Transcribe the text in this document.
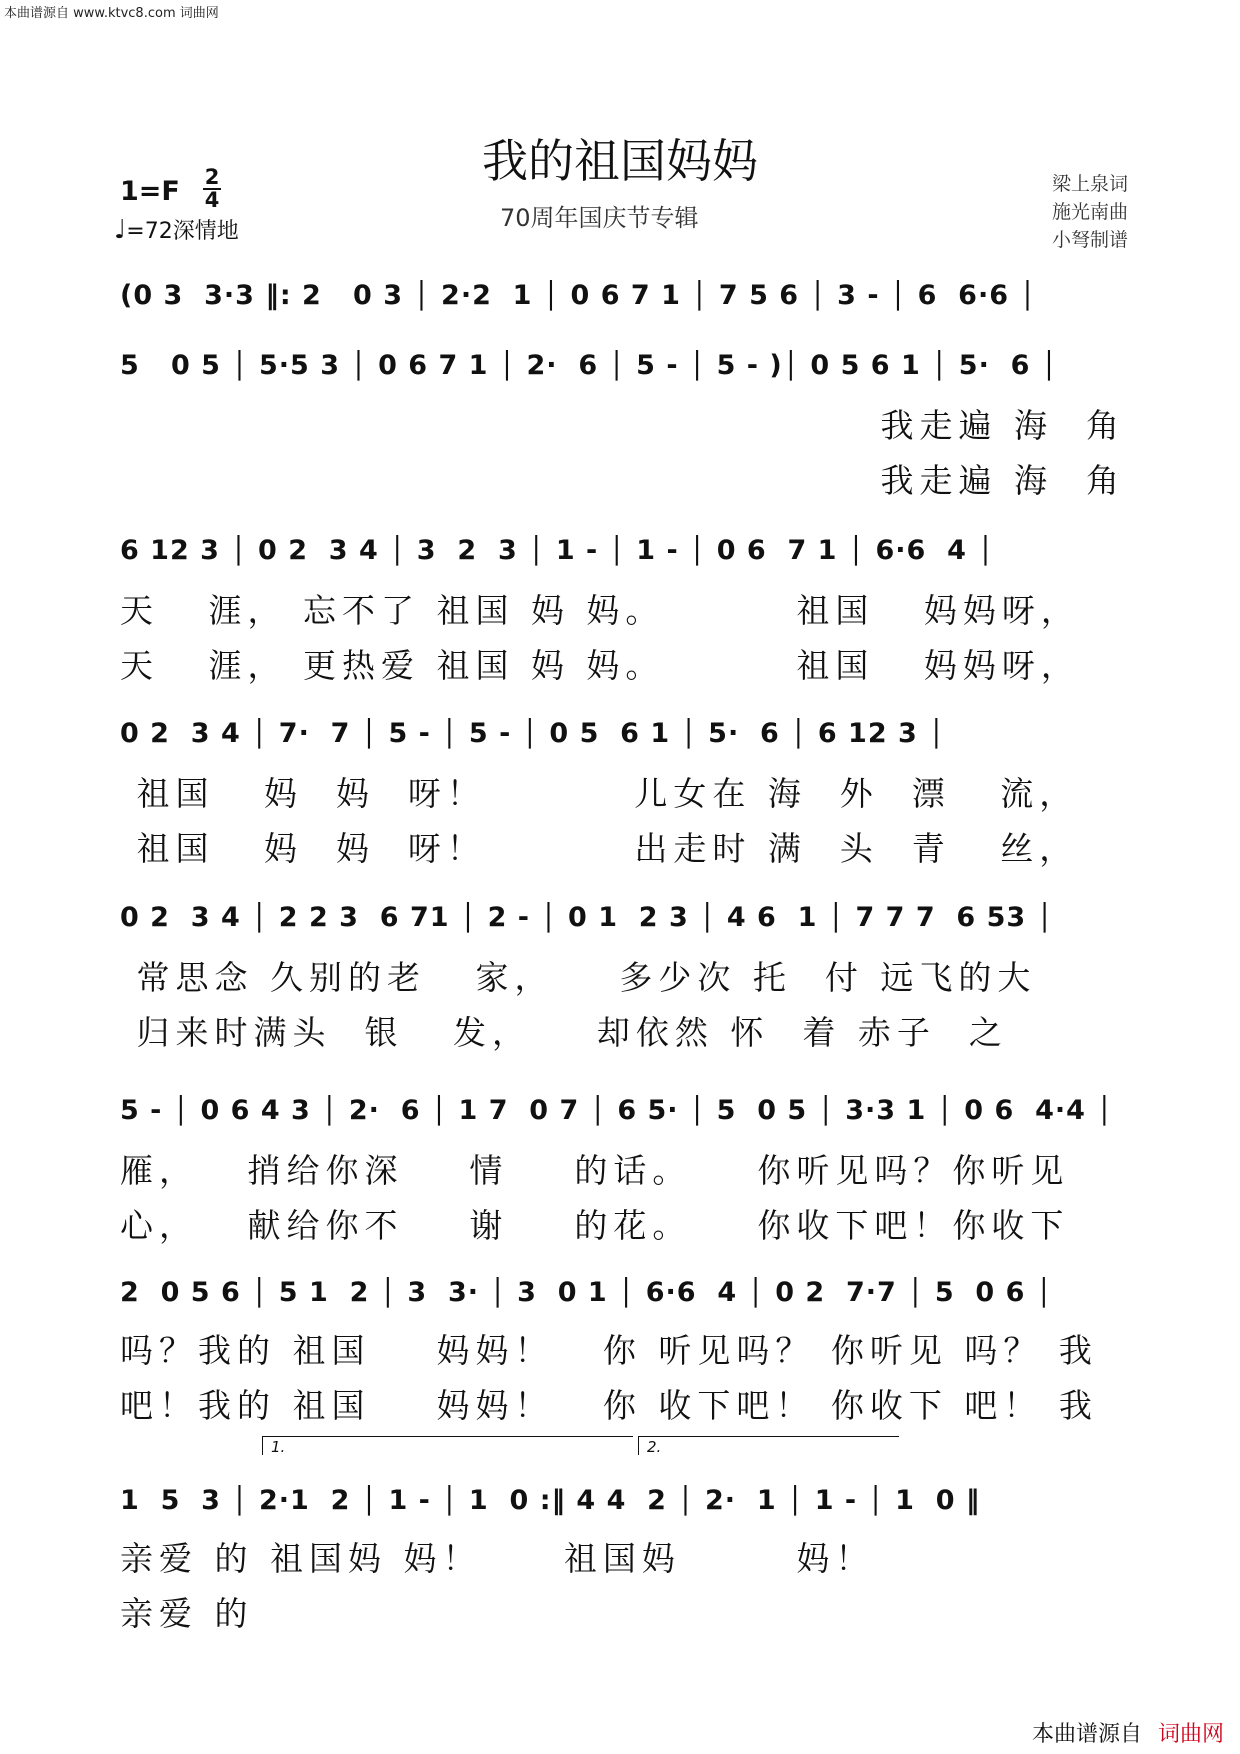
本曲谱源自 www.ktvc8.com 词曲网
我的祖国妈妈
70周年国庆节专辑
梁上泉词
施光南曲
小弩制谱
1=F 2
4
♩=72深情地
(0 3  3·3 ‖: 2   0 3 │ 2·2  1 │ 0 6 7 1 │ 7 5 6 │ 3 - │ 6  6·6 │
5   0 5 │ 5·5 3 │ 0 6 7 1 │ 2·  6 │ 5 - │ 5 - )│ 0 5 6 1 │ 5·  6 │
我走遍 海  角
我走遍 海  角
6 12 3 │ 0 2  3 4 │ 3  2  3 │ 1 - │ 1 - │ 0 6  7 1 │ 6·6  4 │
天   涯， 忘不了 祖国 妈 妈。        祖国   妈妈呀，
天   涯， 更热爱 祖国 妈 妈。        祖国   妈妈呀，
0 2  3 4 │ 7·  7 │ 5 - │ 5 - │ 0 5  6 1 │ 5·  6 │ 6 12 3 │
祖国   妈  妈  呀！         儿女在 海  外  漂   流，
祖国   妈  妈  呀！         出走时 满  头  青   丝，
0 2  3 4 │ 2 2 3  6 71 │ 2 - │ 0 1  2 3 │ 4 6  1 │ 7 7 7  6 53 │
常思念 久别的老   家，    多少次 托  付 远飞的大
归来时满头  银   发，    却依然 怀  着 赤子  之
5 - │ 0 6 4 3 │ 2·  6 │ 1 7  0 7 │ 6 5· │ 5  0 5 │ 3·3 1 │ 0 6  4·4 │
雁，   捎给你深    情    的话。    你听见吗？你听见
心，   献给你不    谢    的花。    你收下吧！你收下
2  0 5 6 │ 5 1  2 │ 3  3· │ 3  0 1 │ 6·6  4 │ 0 2  7·7 │ 5  0 6 │
吗？我的 祖国    妈妈！   你 听见吗？ 你听见 吗？ 我
吧！我的 祖国    妈妈！   你 收下吧！ 你收下 吧！ 我
1.	2.
1  5  3 │ 2·1  2 │ 1 - │ 1  0 :‖ 4 4  2 │ 2·  1 │ 1 - │ 1  0 ‖
亲爱 的 祖国妈 妈！     祖国妈       妈！
亲爱 的
本曲谱源自 词曲网
